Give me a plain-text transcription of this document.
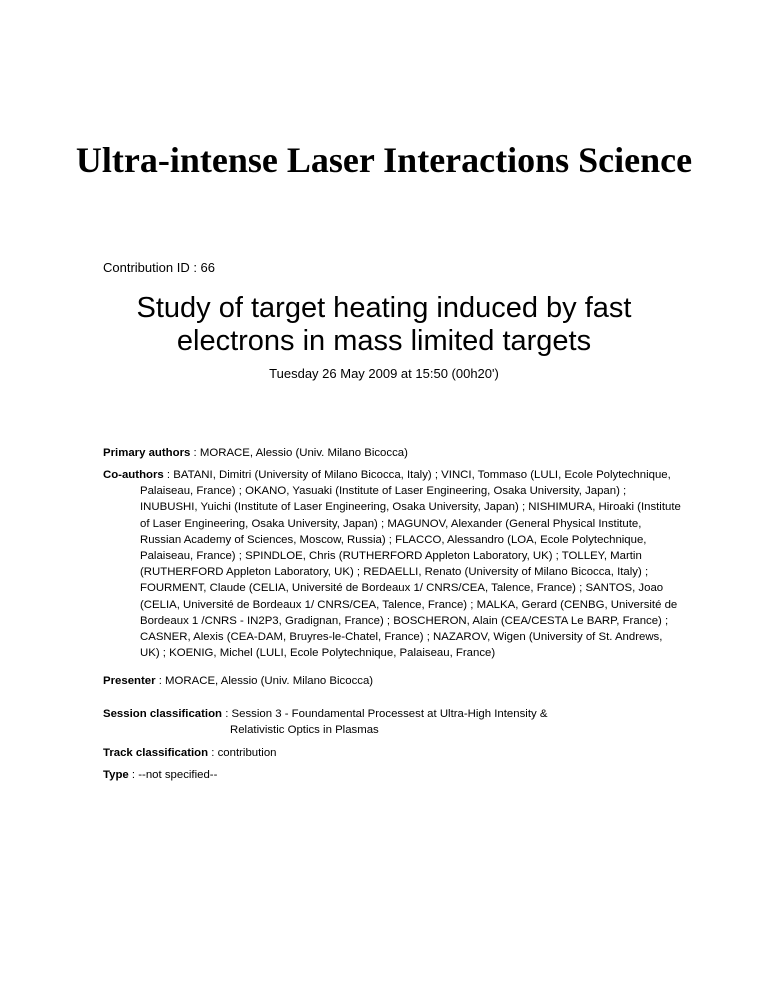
Ultra-intense Laser Interactions Science
Contribution ID : 66
Study of target heating induced by fast
electrons in mass limited targets
Tuesday 26 May 2009 at 15:50 (00h20')
Primary authors : MORACE, Alessio (Univ. Milano Bicocca)
Co-authors : BATANI, Dimitri (University of Milano Bicocca, Italy) ; VINCI, Tommaso (LULI, Ecole Polytechnique, Palaiseau, France) ; OKANO, Yasuaki (Institute of Laser Engineering, Osaka University, Japan) ; INUBUSHI, Yuichi (Institute of Laser Engineering, Osaka University, Japan) ; NISHIMURA, Hiroaki (Institute of Laser Engineering, Osaka University, Japan) ; MAGUNOV, Alexander (General Physical Institute, Russian Academy of Sciences, Moscow, Russia) ; FLACCO, Alessandro (LOA, Ecole Polytechnique, Palaiseau, France) ; SPINDLOE, Chris (RUTHERFORD Appleton Laboratory, UK) ; TOLLEY, Martin (RUTHERFORD Appleton Laboratory, UK) ; REDAELLI, Renato (University of Milano Bicocca, Italy) ; FOURMENT, Claude (CELIA, Université de Bordeaux 1/ CNRS/CEA, Talence, France) ; SANTOS, Joao (CELIA, Université de Bordeaux 1/ CNRS/CEA, Talence, France) ; MALKA, Gerard (CENBG, Université de Bordeaux 1 /CNRS - IN2P3, Gradignan, France) ; BOSCHERON, Alain (CEA/CESTA Le BARP, France) ; CASNER, Alexis (CEA-DAM, Bruyres-le-Chatel, France) ; NAZAROV, Wigen (University of St. Andrews, UK) ; KOENIG, Michel (LULI, Ecole Polytechnique, Palaiseau, France)
Presenter : MORACE, Alessio (Univ. Milano Bicocca)
Session classification : Session 3 - Foundamental Processest at Ultra-High Intensity &
Relativistic Optics in Plasmas
Track classification : contribution
Type : --not specified--
